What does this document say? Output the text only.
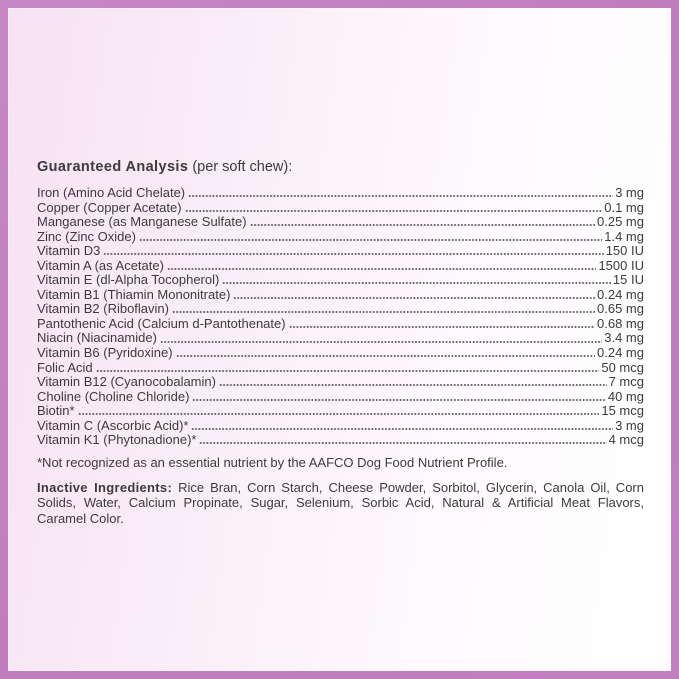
Guaranteed Analysis (per soft chew):
Iron (Amino Acid Chelate)	3 mg
Copper (Copper Acetate)	0.1 mg
Manganese (as Manganese Sulfate)	0.25 mg
Zinc (Zinc Oxide)	1.4 mg
Vitamin D3	150 IU
Vitamin A (as Acetate)	1500 IU
Vitamin E (dl-Alpha Tocopherol)	15 IU
Vitamin B1 (Thiamin Mononitrate)	0.24 mg
Vitamin B2 (Riboflavin)	0.65 mg
Pantothenic Acid (Calcium d-Pantothenate)	0.68 mg
Niacin (Niacinamide)	3.4 mg
Vitamin B6 (Pyridoxine)	0.24 mg
Folic Acid	50 mcg
Vitamin B12 (Cyanocobalamin)	7 mcg
Choline (Choline Chloride)	40 mg
Biotin*	15 mcg
Vitamin C (Ascorbic Acid)*	3 mg
Vitamin K1 (Phytonadione)*	4 mcg
*Not recognized as an essential nutrient by the AAFCO Dog Food Nutrient Profile.
Inactive Ingredients: Rice Bran, Corn Starch, Cheese Powder, Sorbitol, Glycerin, Canola Oil, Corn Solids, Water, Calcium Propinate, Sugar, Selenium, Sorbic Acid, Natural & Artificial Meat Flavors, Caramel Color.
